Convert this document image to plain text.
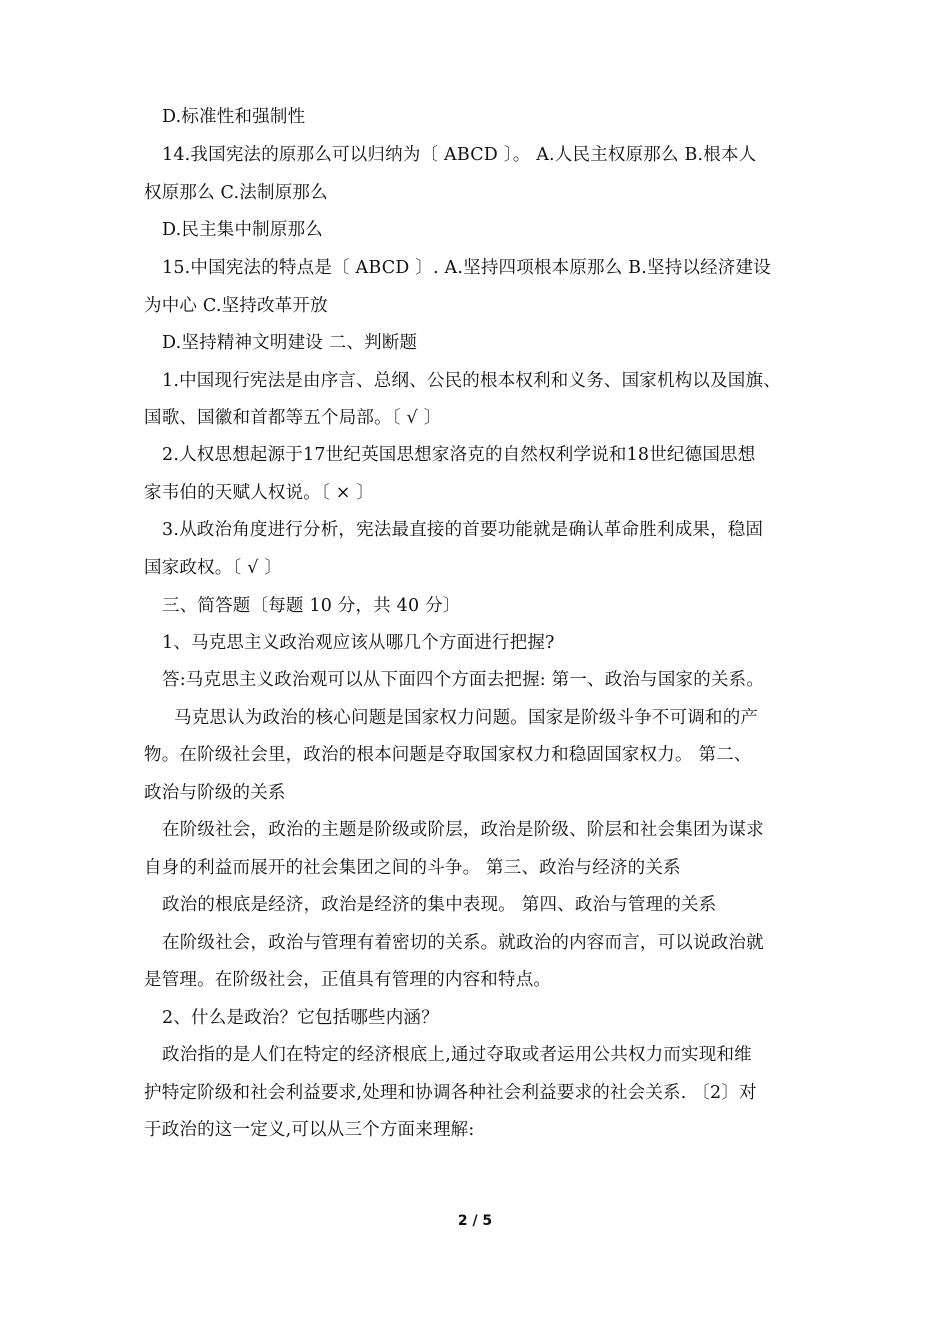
D.标准性和强制性
14.我国宪法的原那么可以归纳为〔 ABCD 〕。 A.人民主权原那么 B.根本人
权原那么 C.法制原那么
D.民主集中制原那么
15.中国宪法的特点是〔 ABCD 〕. A.坚持四项根本原那么 B.坚持以经济建设
为中心 C.坚持改革开放
D.坚持精神文明建设 二、判断题
1.中国现行宪法是由序言、总纲、公民的根本权利和义务、国家机构以及国旗、
国歌、国徽和首都等五个局部。〔 √ 〕
2.人权思想起源于17世纪英国思想家洛克的自然权利学说和18世纪德国思想
家韦伯的天赋人权说。〔 × 〕
3.从政治角度进行分析，宪法最直接的首要功能就是确认革命胜利成果，稳固
国家政权。〔 √ 〕
三、简答题〔每题 10 分，共 40 分〕
1、马克思主义政治观应该从哪几个方面进行把握?
答:马克思主义政治观可以从下面四个方面去把握: 第一、政治与国家的关系。
马克思认为政治的核心问题是国家权力问题。国家是阶级斗争不可调和的产
物。在阶级社会里，政治的根本问题是夺取国家权力和稳固国家权力。 第二、
政治与阶级的关系
在阶级社会，政治的主题是阶级或阶层，政治是阶级、阶层和社会集团为谋求
自身的利益而展开的社会集团之间的斗争。 第三、政治与经济的关系
政治的根底是经济，政治是经济的集中表现。 第四、政治与管理的关系
在阶级社会，政治与管理有着密切的关系。就政治的内容而言，可以说政治就
是管理。在阶级社会，正值具有管理的内容和特点。
2、什么是政治？它包括哪些内涵？
政治指的是人们在特定的经济根底上,通过夺取或者运用公共权力而实现和维
护特定阶级和社会利益要求,处理和协调各种社会利益要求的社会关系. 〔2〕对
于政治的这一定义,可以从三个方面来理解:
2 / 5
